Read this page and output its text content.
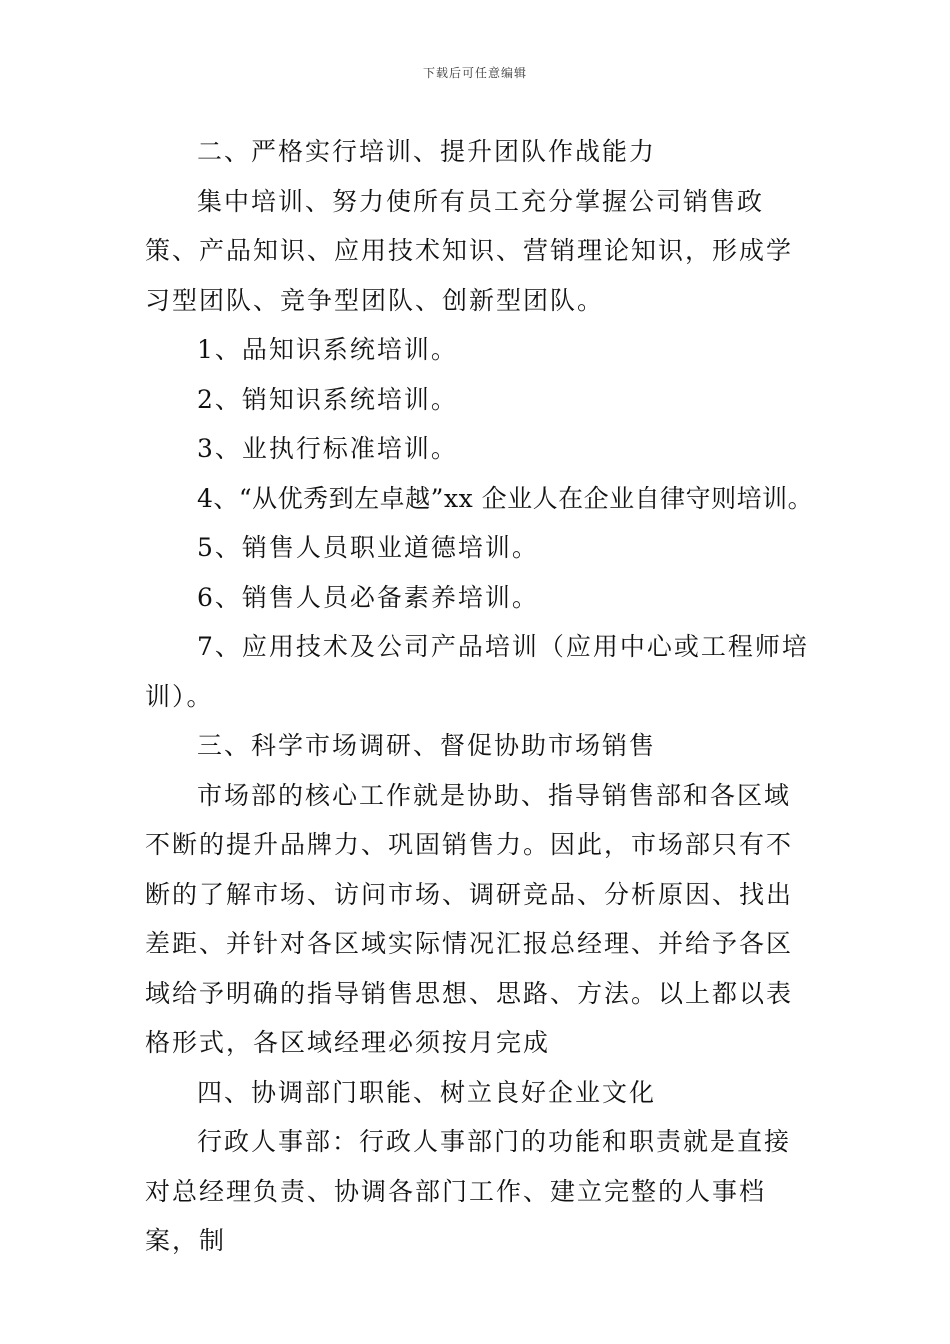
下载后可任意编辑

二、严格实行培训、提升团队作战能力

集中培训、努力使所有员工充分掌握公司销售政策、产品知识、应用技术知识、营销理论知识，形成学习型团队、竞争型团队、创新型团队。

1、品知识系统培训。

2、销知识系统培训。

3、业执行标准培训。

4、“从优秀到左卓越”xx 企业人在企业自律守则培训。

5、销售人员职业道德培训。

6、销售人员必备素养培训。

7、应用技术及公司产品培训（应用中心或工程师培训）。

三、科学市场调研、督促协助市场销售

市场部的核心工作就是协助、指导销售部和各区域不断的提升品牌力、巩固销售力。因此，市场部只有不断的了解市场、访问市场、调研竞品、分析原因、找出差距、并针对各区域实际情况汇报总经理、并给予各区域给予明确的指导销售思想、思路、方法。以上都以表格形式，各区域经理必须按月完成

四、协调部门职能、树立良好企业文化

行政人事部：行政人事部门的功能和职责就是直接对总经理负责、协调各部门工作、建立完整的人事档案，制
